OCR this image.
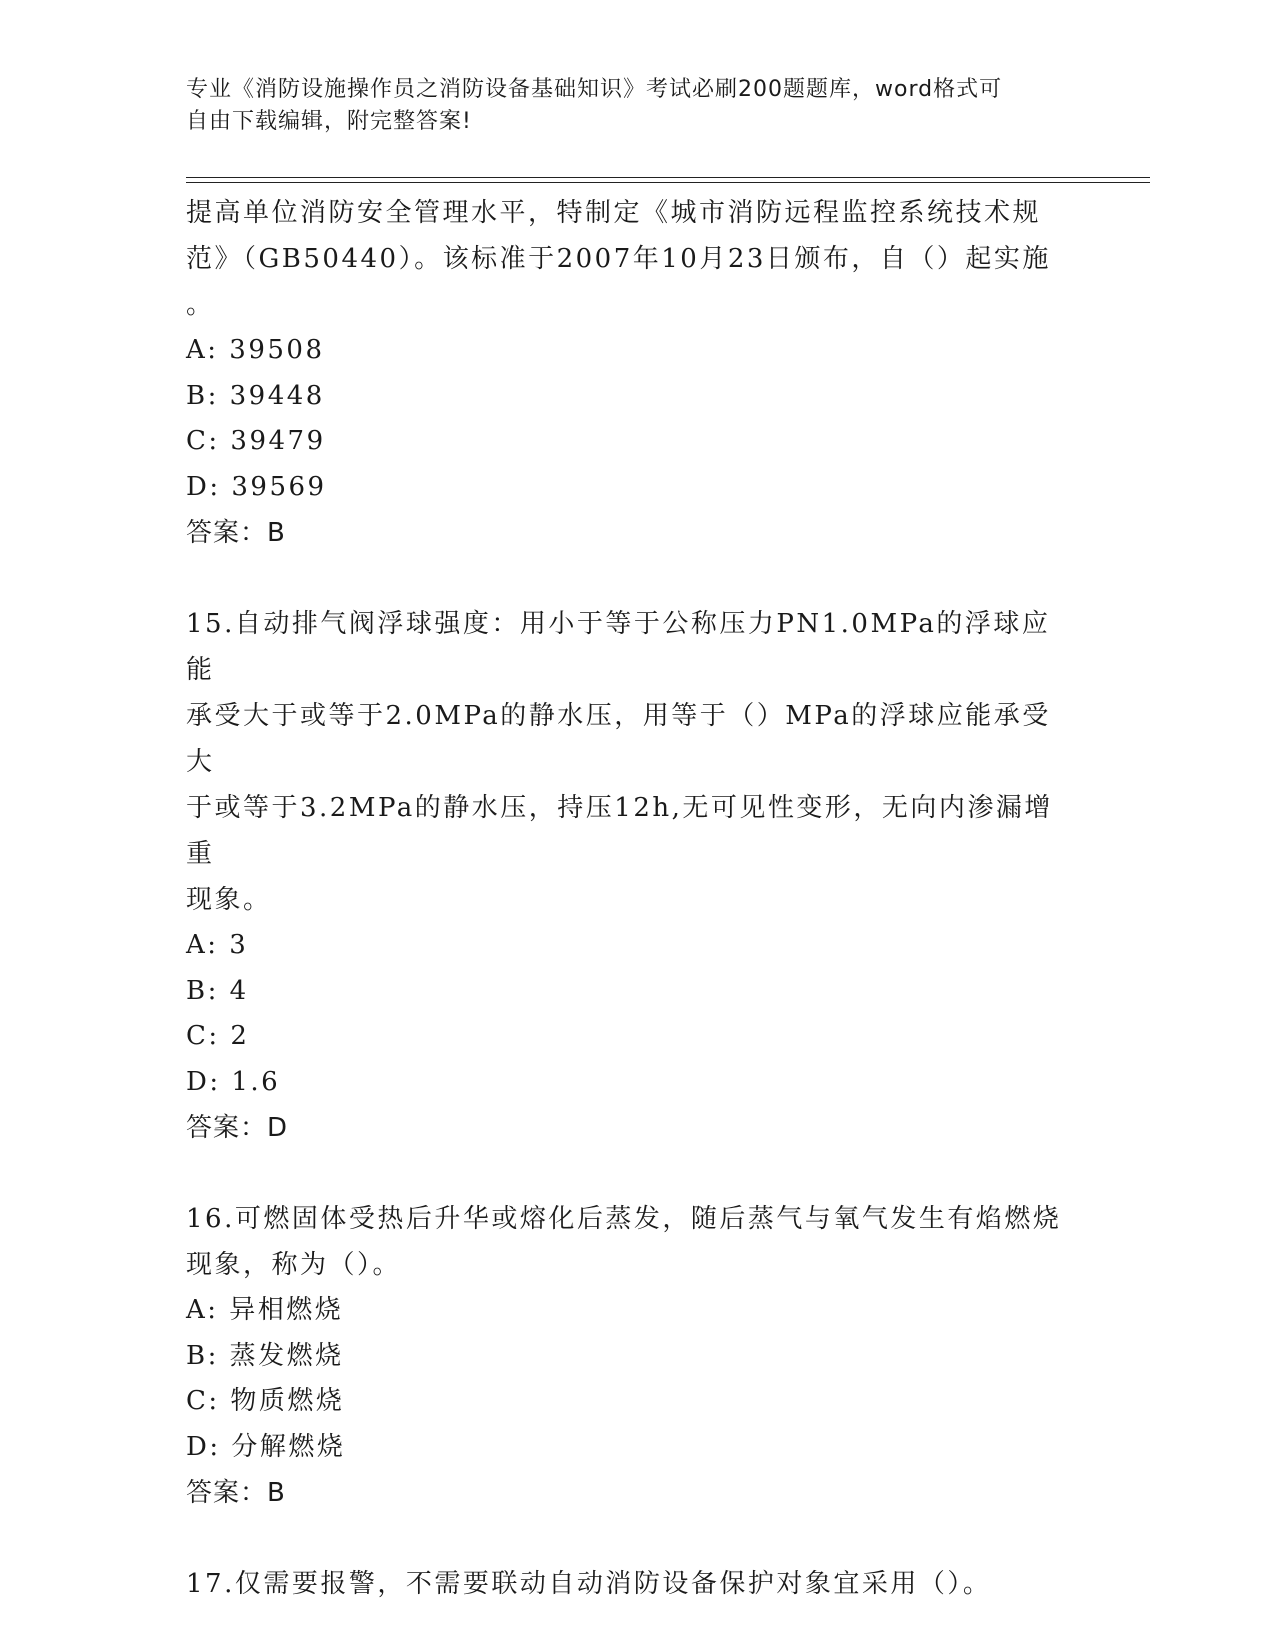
专业《消防设施操作员之消防设备基础知识》考试必刷200题题库，word格式可
自由下载编辑，附完整答案!
提高单位消防安全管理水平，特制定《城市消防远程监控系统技术规
范》（GB50440）。该标准于2007年10月23日颁布，自（）起实施
。
A: 39508
B: 39448
C: 39479
D: 39569
答案：B
15.自动排气阀浮球强度：用小于等于公称压力PN1.0MPa的浮球应能
承受大于或等于2.0MPa的静水压，用等于（）MPa的浮球应能承受大
于或等于3.2MPa的静水压，持压12h,无可见性变形，无向内渗漏增重
现象。
A: 3
B: 4
C: 2
D: 1.6
答案：D
16.可燃固体受热后升华或熔化后蒸发，随后蒸气与氧气发生有焰燃烧
现象，称为（）。
A: 异相燃烧
B: 蒸发燃烧
C: 物质燃烧
D: 分解燃烧
答案：B
17.仅需要报警，不需要联动自动消防设备保护对象宜采用（）。
